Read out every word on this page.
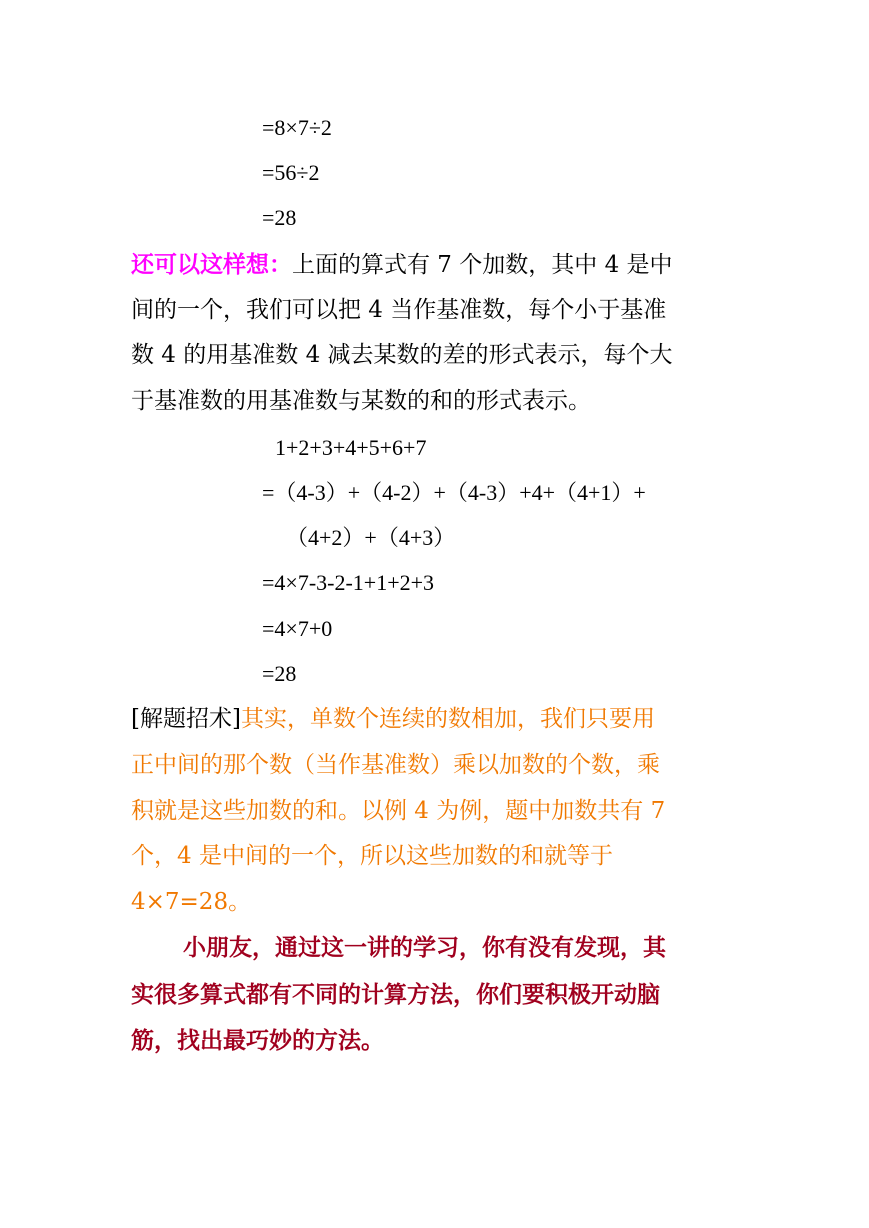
=8×7÷2
=56÷2
=28
还可以这样想：上面的算式有 7 个加数，其中 4 是中
间的一个，我们可以把 4 当作基准数，每个小于基准
数 4 的用基准数 4 减去某数的差的形式表示，每个大
于基准数的用基准数与某数的和的形式表示。
1+2+3+4+5+6+7
=（4-3）+（4-2）+（4-3）+4+（4+1）+
（4+2）+（4+3）
=4×7-3-2-1+1+2+3
=4×7+0
=28
[解题招术]其实，单数个连续的数相加，我们只要用
正中间的那个数（当作基准数）乘以加数的个数，乘
积就是这些加数的和。以例 4 为例，题中加数共有 7
个，4 是中间的一个，所以这些加数的和就等于
4×7=28。
小朋友，通过这一讲的学习，你有没有发现，其
实很多算式都有不同的计算方法，你们要积极开动脑
筋，找出最巧妙的方法。
